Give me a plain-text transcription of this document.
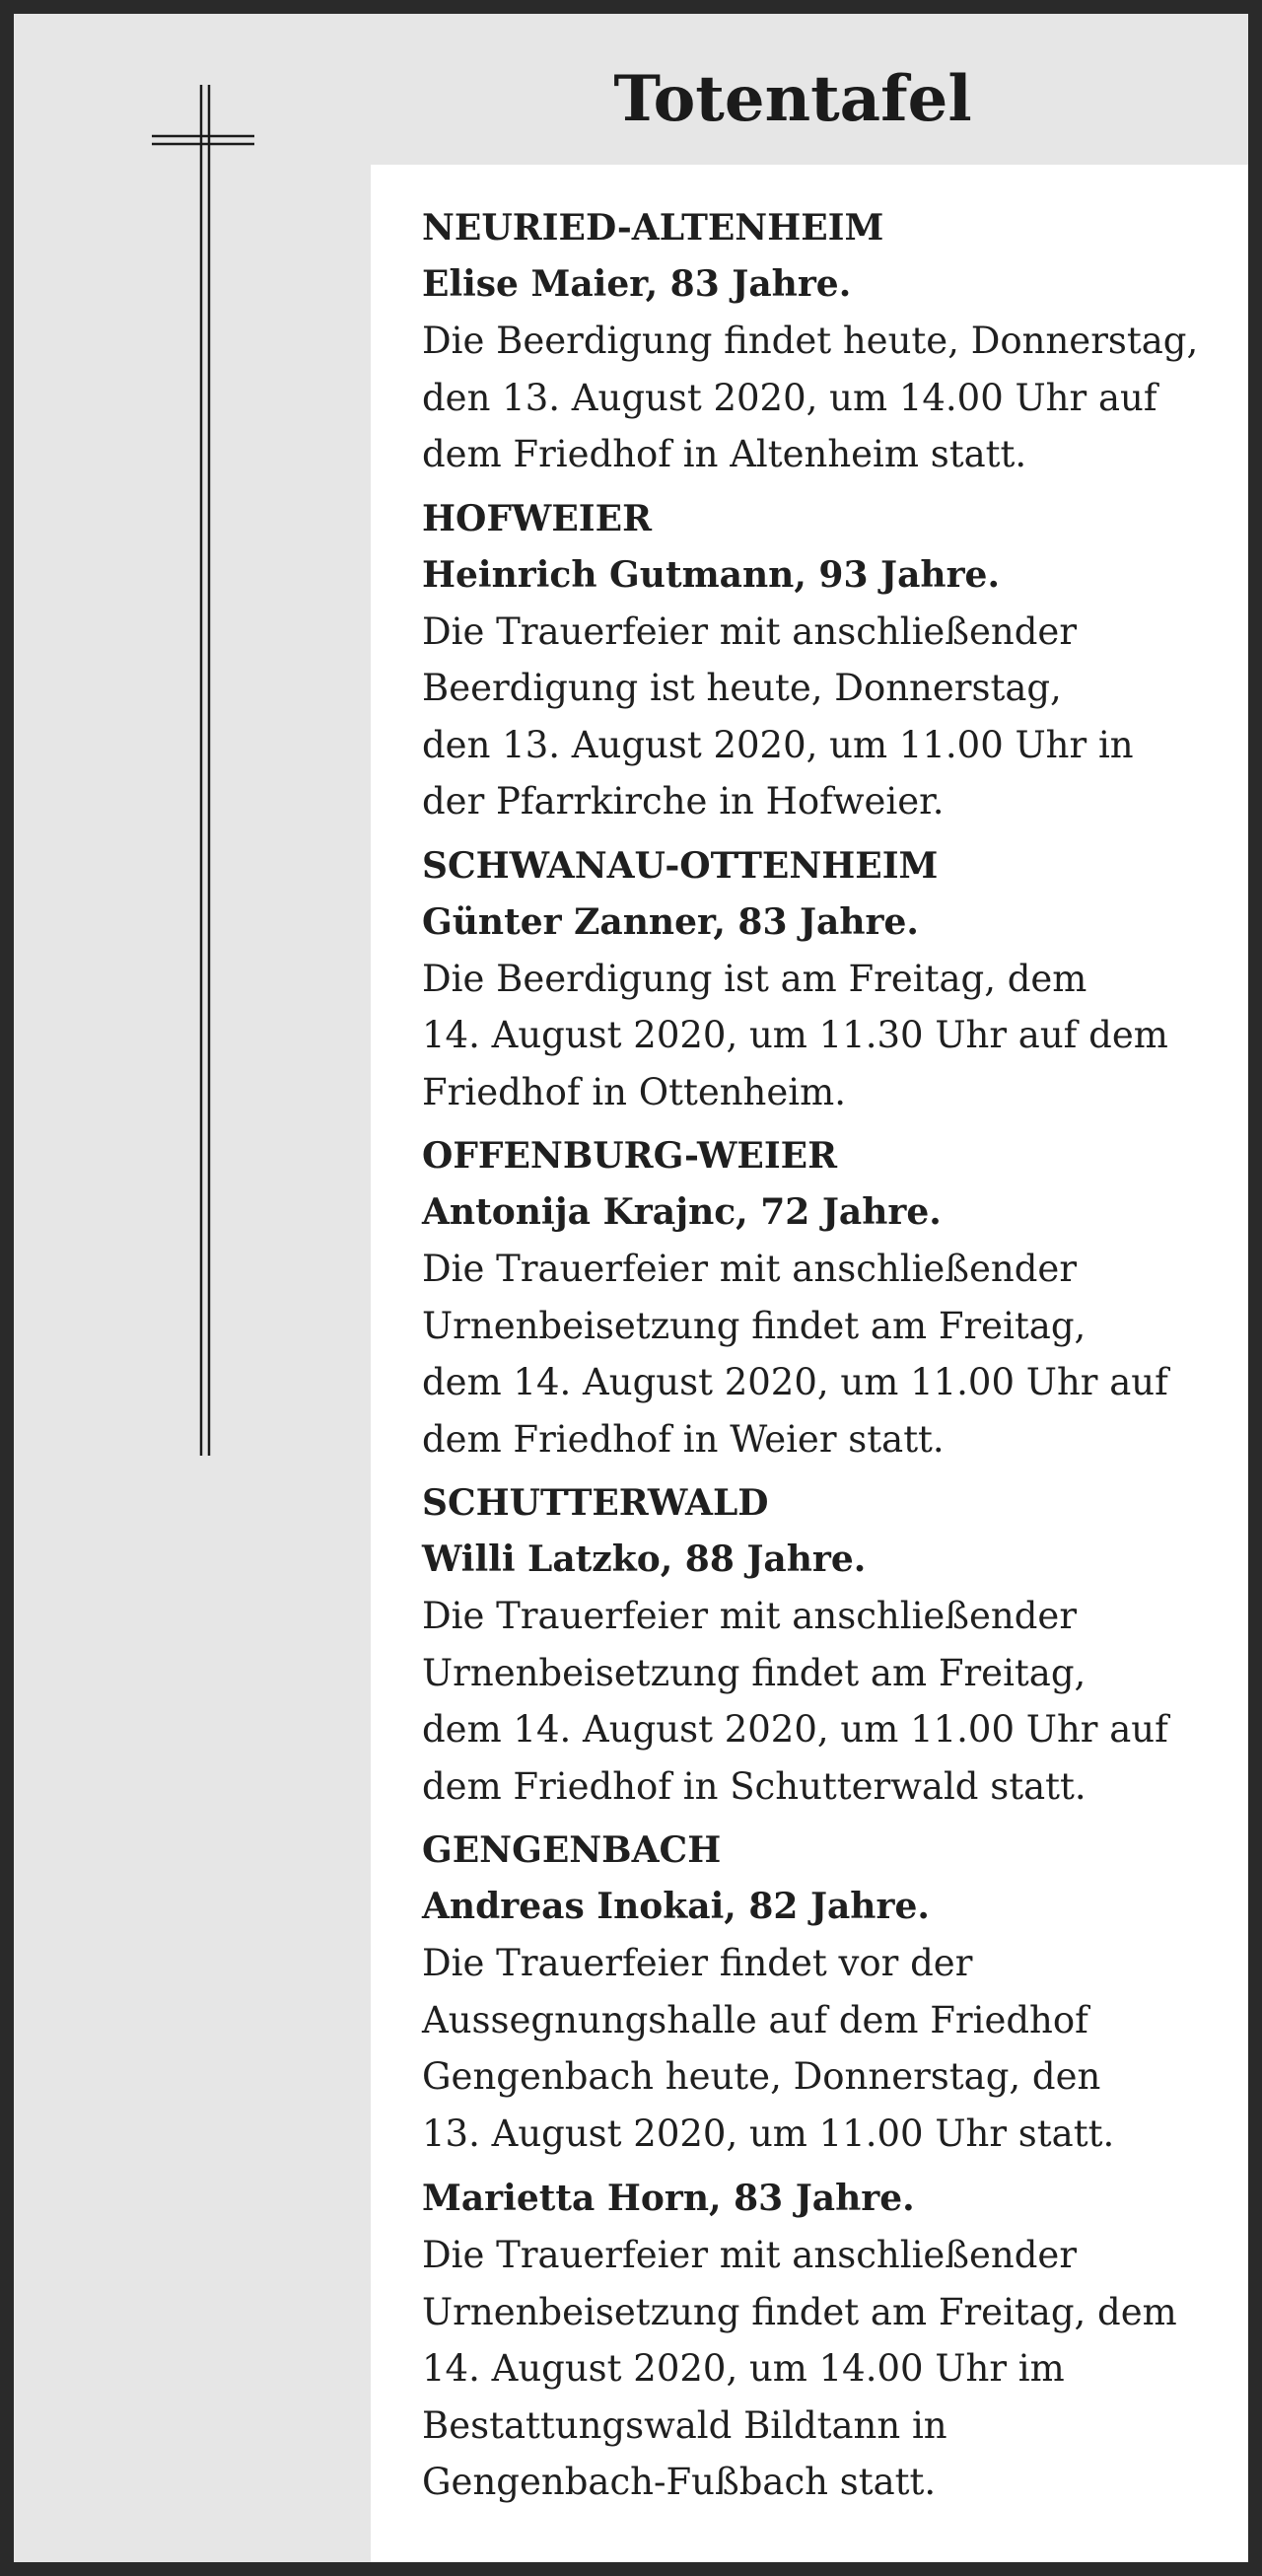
Totentafel

NEURIED-ALTENHEIM

Elise Maier, 83 Jahre.

Die Beerdigung findet heute, Donnerstag,
den 13. August 2020, um 14.00 Uhr auf
dem Friedhof in Altenheim statt.

HOFWEIER

Heinrich Gutmann, 93 Jahre.

Die Trauerfeier mit anschließender
Beerdigung ist heute, Donnerstag,
den 13. August 2020, um 11.00 Uhr in
der Pfarrkirche in Hofweier.

SCHWANAU-OTTENHEIM

Günter Zanner, 83 Jahre.

Die Beerdigung ist am Freitag, dem
14. August 2020, um 11.30 Uhr auf dem
Friedhof in Ottenheim.

OFFENBURG-WEIER

Antonija Krajnc, 72 Jahre.

Die Trauerfeier mit anschließender
Urnenbeisetzung findet am Freitag,
dem 14. August 2020, um 11.00 Uhr auf
dem Friedhof in Weier statt.

SCHUTTERWALD

Willi Latzko, 88 Jahre.

Die Trauerfeier mit anschließender
Urnenbeisetzung findet am Freitag,
dem 14. August 2020, um 11.00 Uhr auf
dem Friedhof in Schutterwald statt.

GENGENBACH

Andreas Inokai, 82 Jahre.

Die Trauerfeier findet vor der
Aussegnungshalle auf dem Friedhof
Gengenbach heute, Donnerstag, den
13. August 2020, um 11.00 Uhr statt.

Marietta Horn, 83 Jahre.

Die Trauerfeier mit anschließender
Urnenbeisetzung findet am Freitag, dem
14. August 2020, um 14.00 Uhr im
Bestattungswald Bildtann in
Gengenbach-Fußbach statt.
